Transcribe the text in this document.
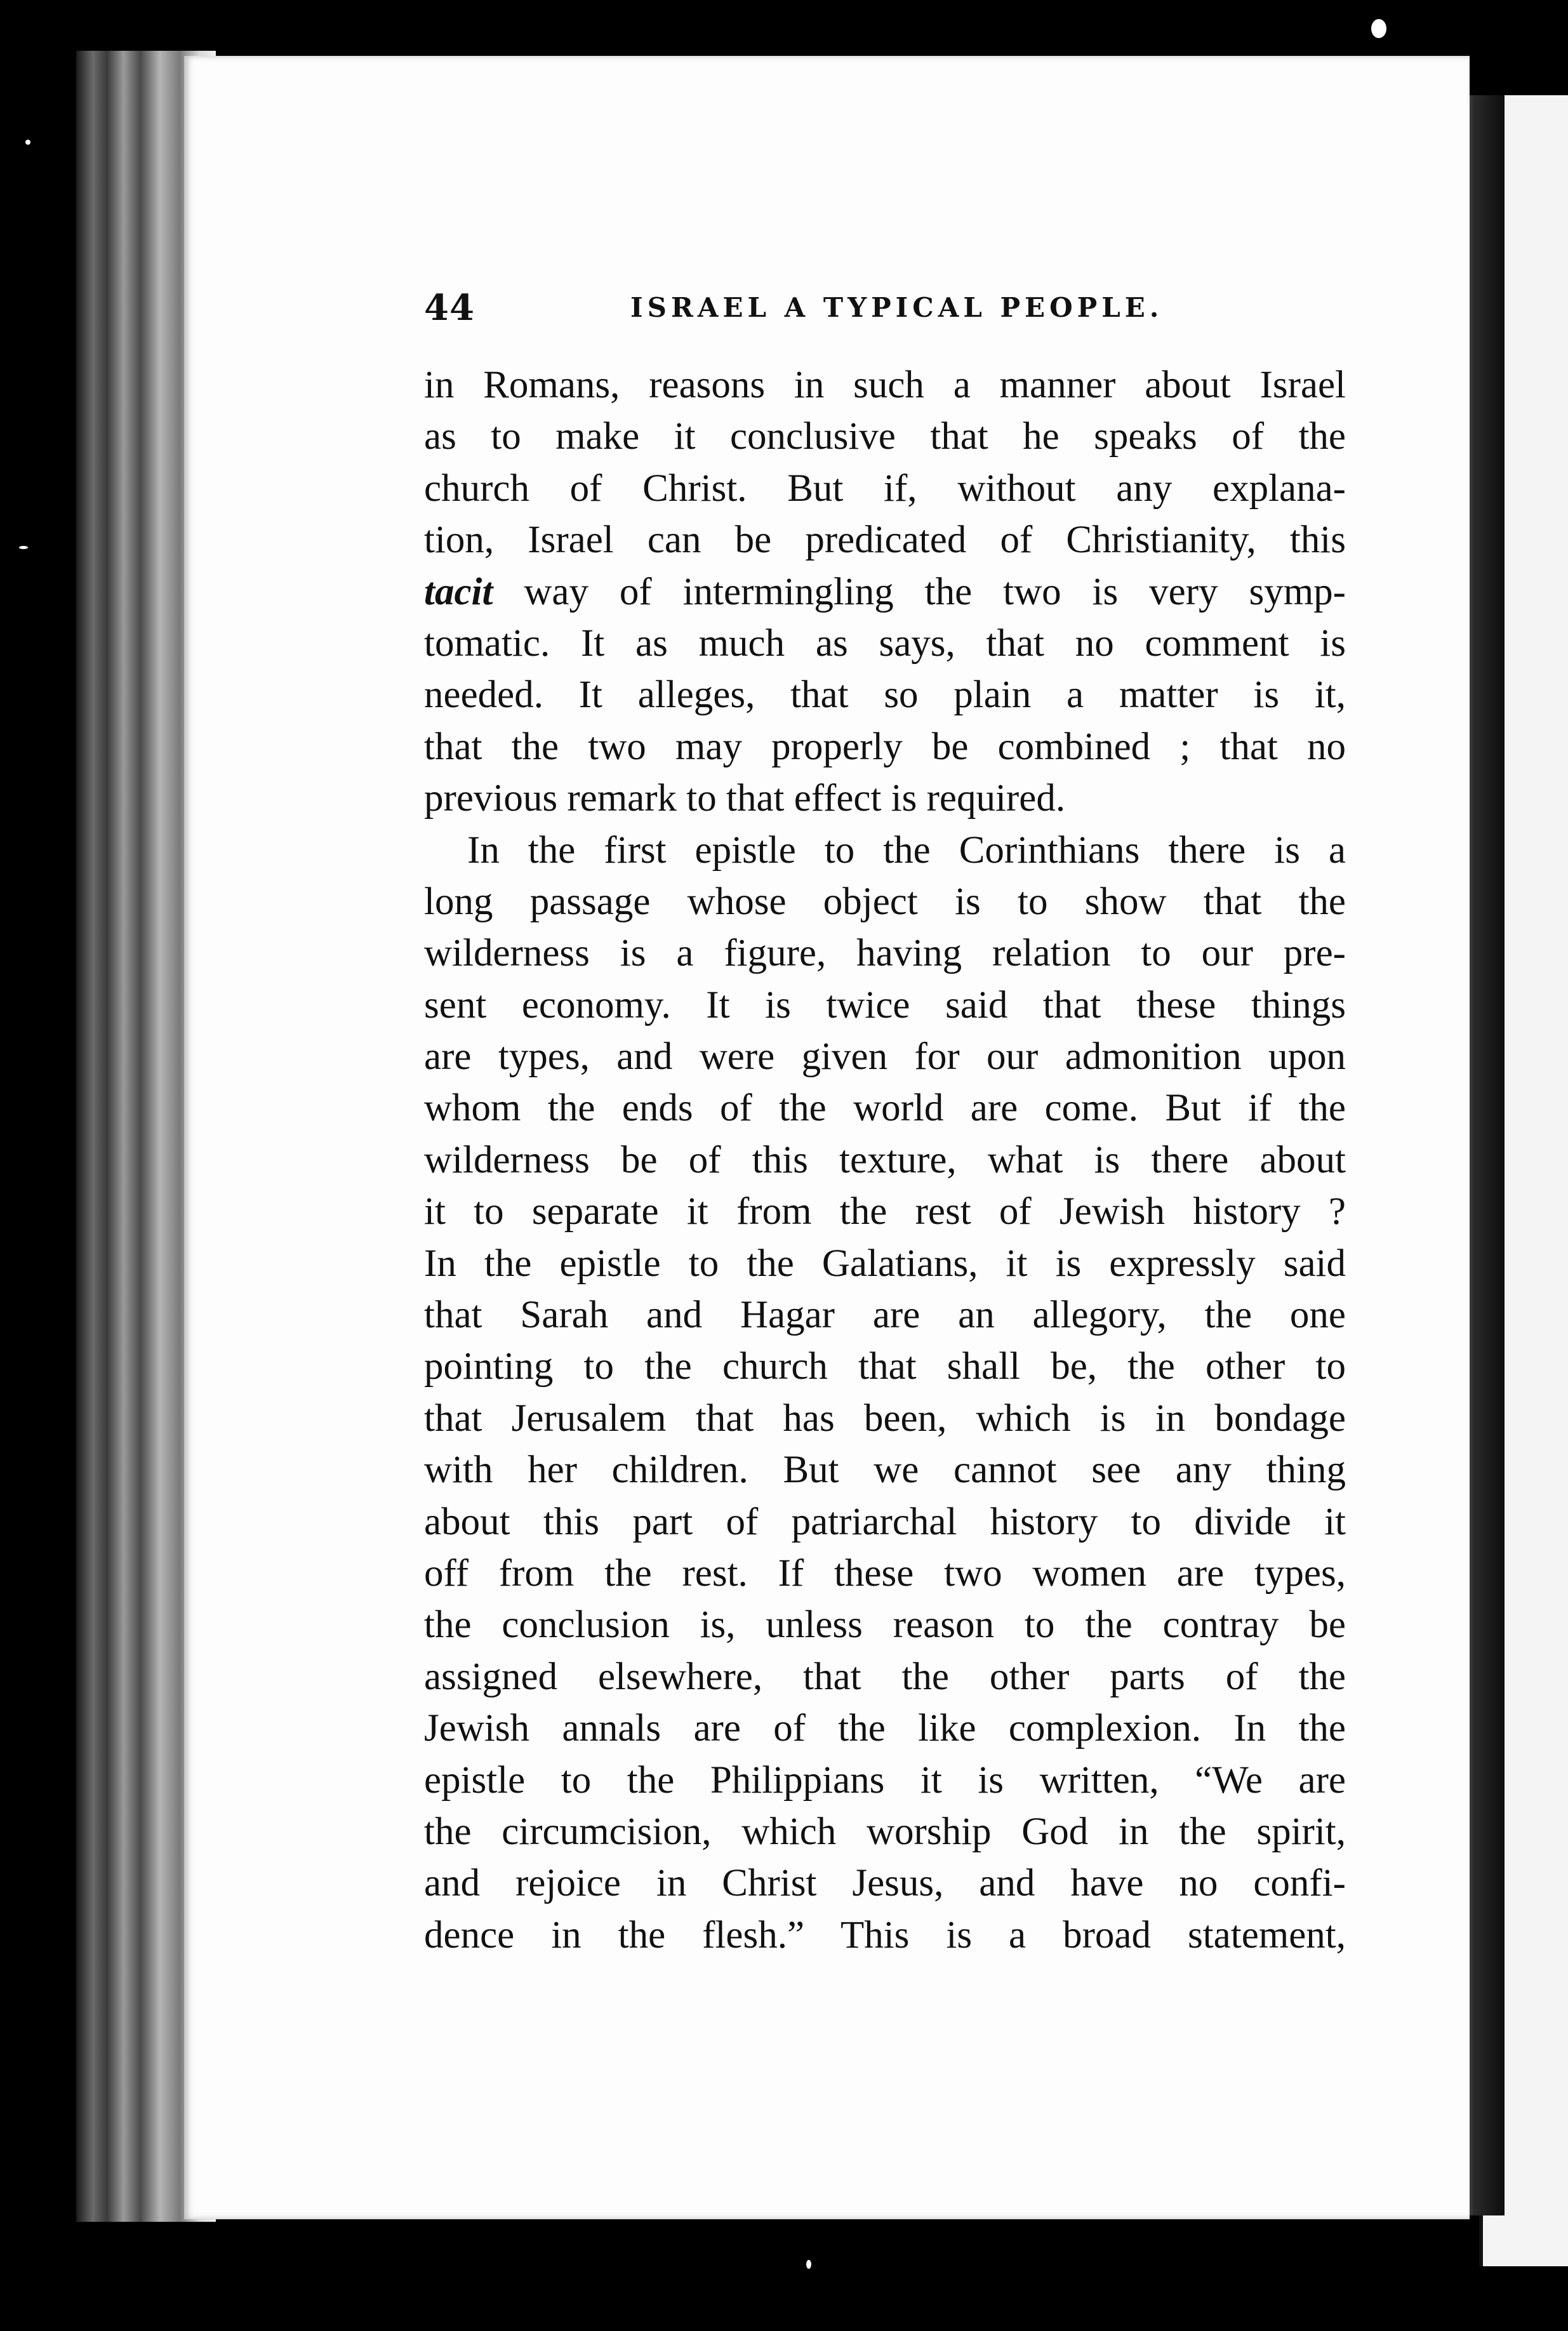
44	ISRAEL A TYPICAL PEOPLE.
in Romans, reasons in such a manner about Israel
as to make it conclusive that he speaks of the
church of Christ. But if, without any explana-
tion, Israel can be predicated of Christianity, this
tacit way of intermingling the two is very symp-
tomatic. It as much as says, that no comment is
needed. It alleges, that so plain a matter is it,
that the two may properly be combined ; that no
previous remark to that effect is required.
In the first epistle to the Corinthians there is a
long passage whose object is to show that the
wilderness is a figure, having relation to our pre-
sent economy. It is twice said that these things
are types, and were given for our admonition upon
whom the ends of the world are come. But if the
wilderness be of this texture, what is there about
it to separate it from the rest of Jewish history ?
In the epistle to the Galatians, it is expressly said
that Sarah and Hagar are an allegory, the one
pointing to the church that shall be, the other to
that Jerusalem that has been, which is in bondage
with her children. But we cannot see any thing
about this part of patriarchal history to divide it
off from the rest. If these two women are types,
the conclusion is, unless reason to the contray be
assigned elsewhere, that the other parts of the
Jewish annals are of the like complexion. In the
epistle to the Philippians it is written, “We are
the circumcision, which worship God in the spirit,
and rejoice in Christ Jesus, and have no confi-
dence in the flesh.” This is a broad statement,
